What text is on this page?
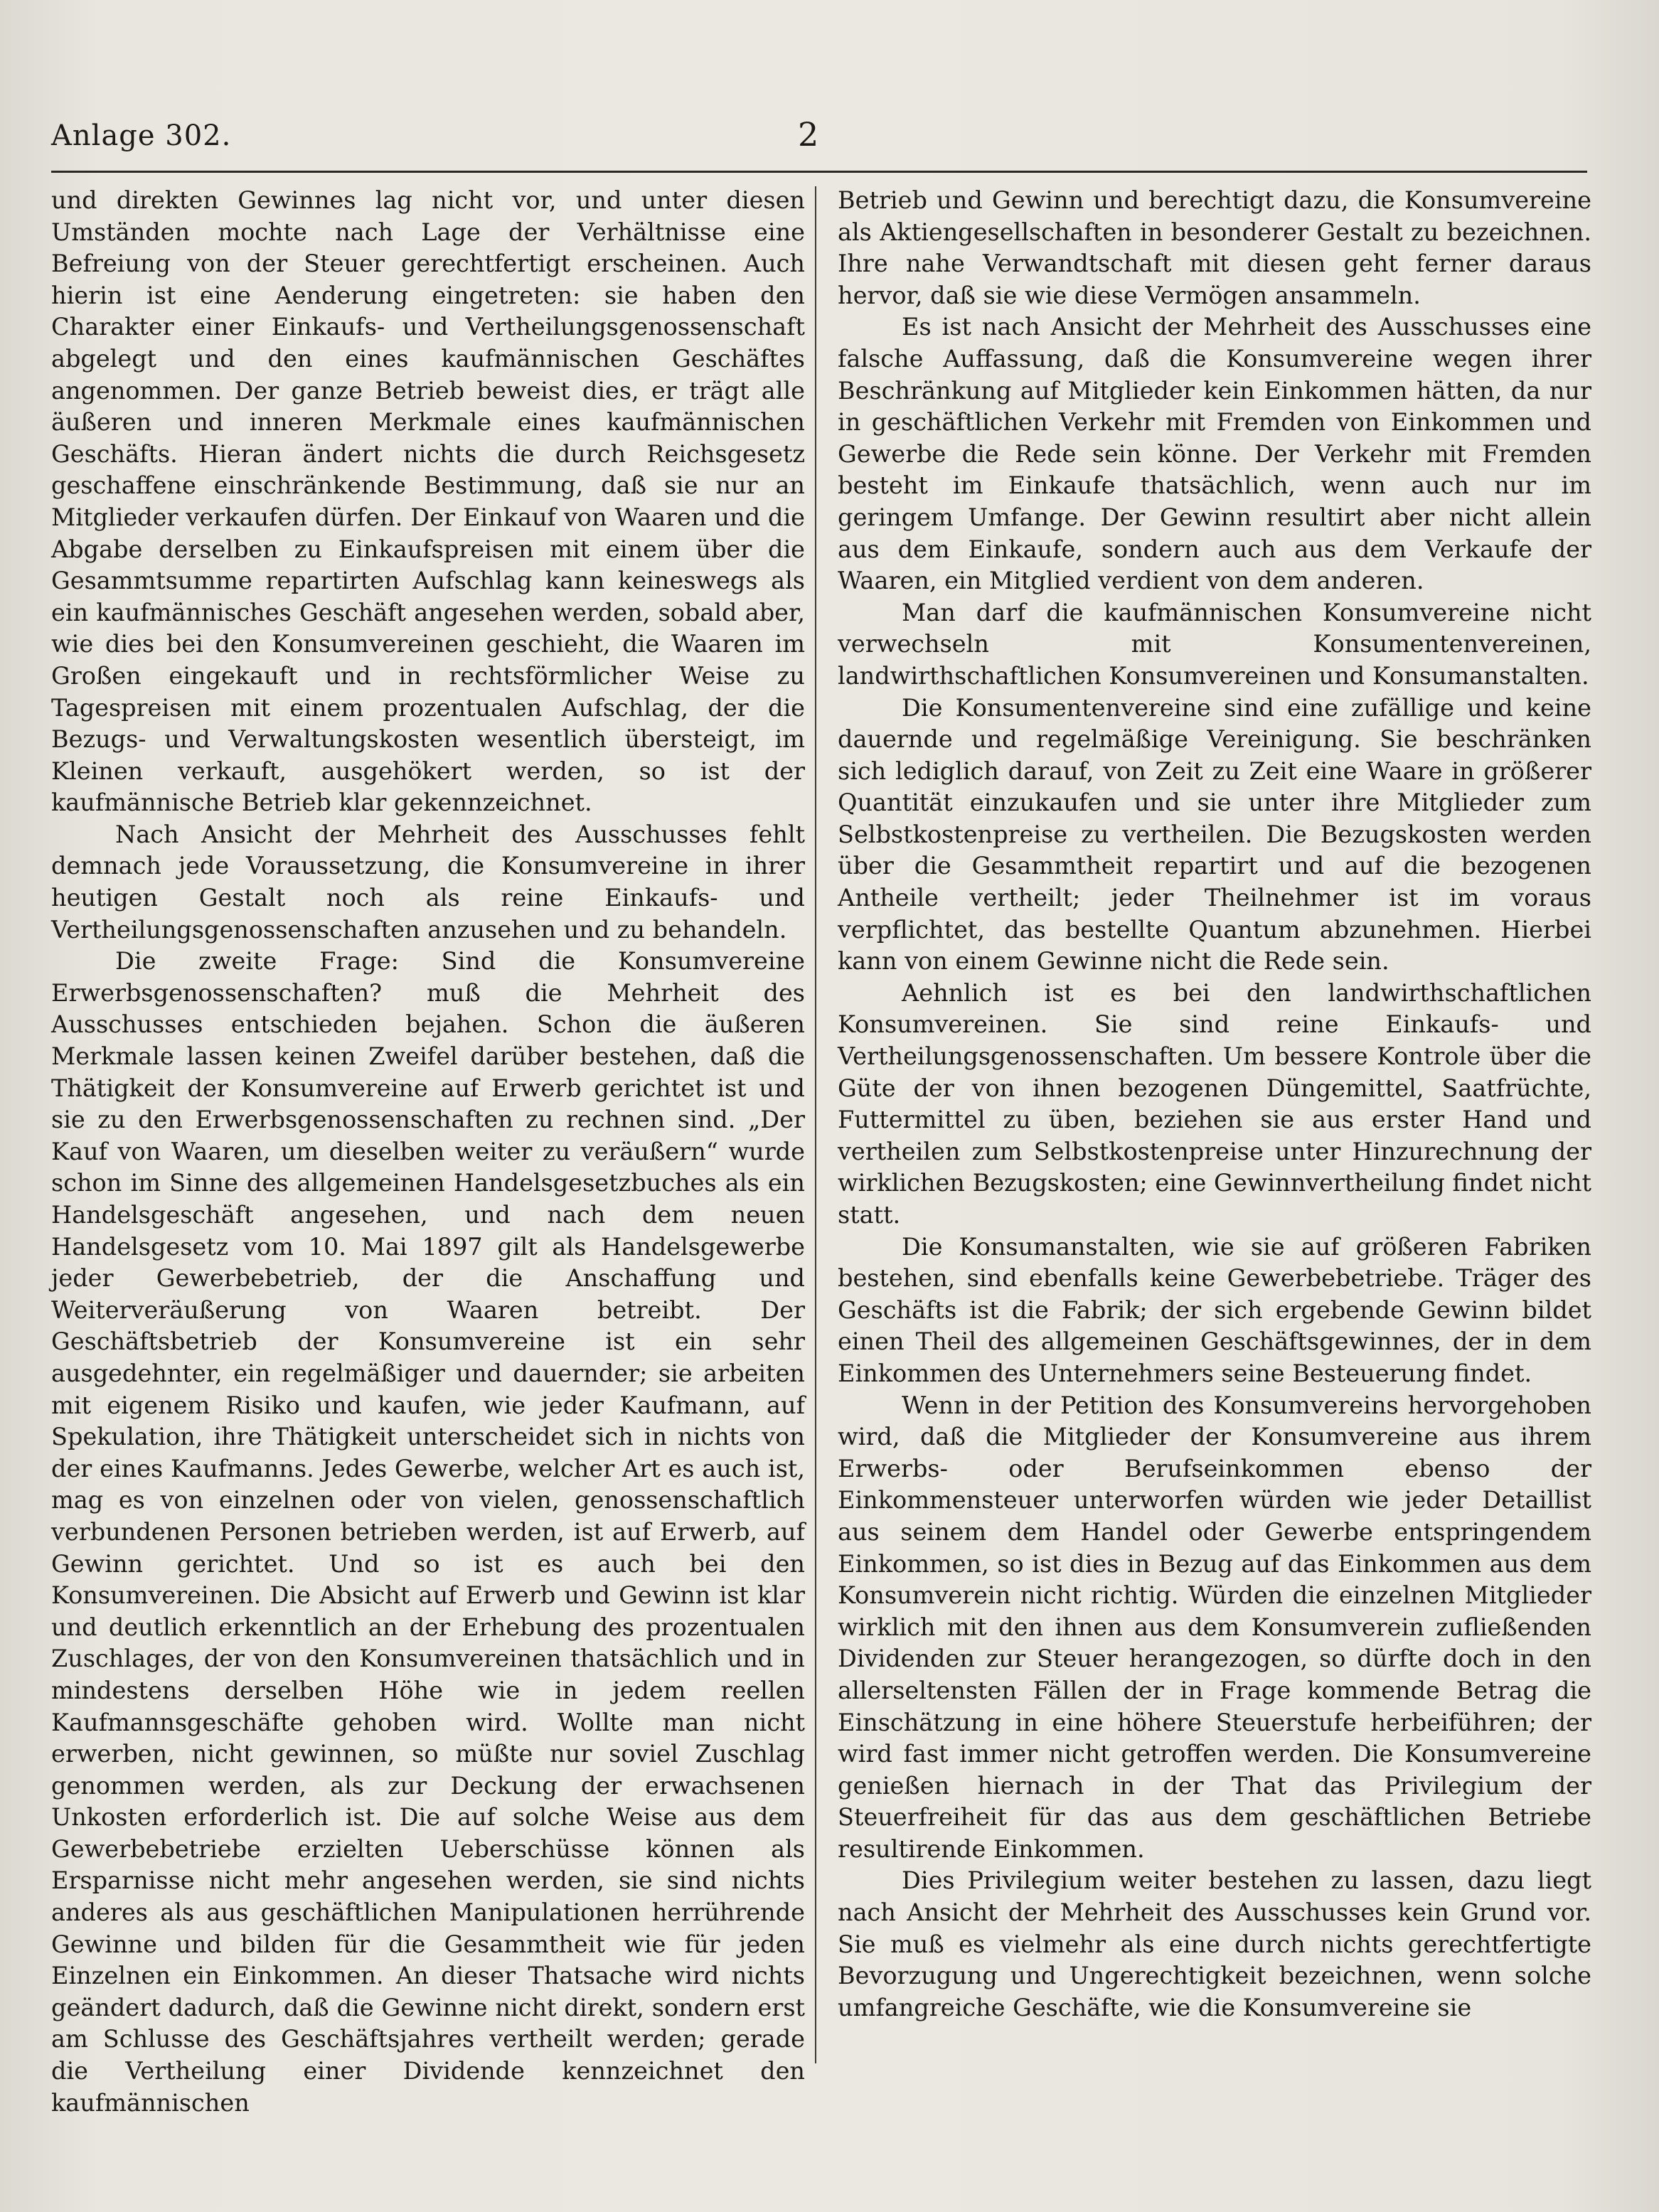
Anlage 302.	2

und direkten Gewinnes lag nicht vor, und unter diesen Umständen mochte nach Lage der Verhältnisse eine Befreiung von der Steuer gerechtfertigt erscheinen. Auch hierin ist eine Aenderung eingetreten: sie haben den Charakter einer Einkaufs- und Vertheilungsgenossenschaft abgelegt und den eines kaufmännischen Geschäftes angenommen. Der ganze Betrieb beweist dies, er trägt alle äußeren und inneren Merkmale eines kaufmännischen Geschäfts. Hieran ändert nichts die durch Reichsgesetz geschaffene einschränkende Bestimmung, daß sie nur an Mitglieder verkaufen dürfen. Der Einkauf von Waaren und die Abgabe derselben zu Einkaufspreisen mit einem über die Gesammtsumme repartirten Aufschlag kann keineswegs als ein kaufmännisches Geschäft angesehen werden, sobald aber, wie dies bei den Konsumvereinen geschieht, die Waaren im Großen eingekauft und in rechtsförmlicher Weise zu Tagespreisen mit einem prozentualen Aufschlag, der die Bezugs- und Verwaltungskosten wesentlich übersteigt, im Kleinen verkauft, ausgehökert werden, so ist der kaufmännische Betrieb klar gekennzeichnet.

Nach Ansicht der Mehrheit des Ausschusses fehlt demnach jede Voraussetzung, die Konsumvereine in ihrer heutigen Gestalt noch als reine Einkaufs- und Vertheilungsgenossenschaften anzusehen und zu behandeln.

Die zweite Frage: Sind die Konsumvereine Erwerbsgenossenschaften? muß die Mehrheit des Ausschusses entschieden bejahen. Schon die äußeren Merkmale lassen keinen Zweifel darüber bestehen, daß die Thätigkeit der Konsumvereine auf Erwerb gerichtet ist und sie zu den Erwerbsgenossenschaften zu rechnen sind. „Der Kauf von Waaren, um dieselben weiter zu veräußern“ wurde schon im Sinne des allgemeinen Handelsgesetzbuches als ein Handelsgeschäft angesehen, und nach dem neuen Handelsgesetz vom 10. Mai 1897 gilt als Handelsgewerbe jeder Gewerbebetrieb, der die Anschaffung und Weiterveräußerung von Waaren betreibt. Der Geschäftsbetrieb der Konsumvereine ist ein sehr ausgedehnter, ein regelmäßiger und dauernder; sie arbeiten mit eigenem Risiko und kaufen, wie jeder Kaufmann, auf Spekulation, ihre Thätigkeit unterscheidet sich in nichts von der eines Kaufmanns. Jedes Gewerbe, welcher Art es auch ist, mag es von einzelnen oder von vielen, genossenschaftlich verbundenen Personen betrieben werden, ist auf Erwerb, auf Gewinn gerichtet. Und so ist es auch bei den Konsumvereinen. Die Absicht auf Erwerb und Gewinn ist klar und deutlich erkenntlich an der Erhebung des prozentualen Zuschlages, der von den Konsumvereinen thatsächlich und in mindestens derselben Höhe wie in jedem reellen Kaufmannsgeschäfte gehoben wird. Wollte man nicht erwerben, nicht gewinnen, so müßte nur soviel Zuschlag genommen werden, als zur Deckung der erwachsenen Unkosten erforderlich ist. Die auf solche Weise aus dem Gewerbebetriebe erzielten Ueberschüsse können als Ersparnisse nicht mehr angesehen werden, sie sind nichts anderes als aus geschäftlichen Manipulationen herrührende Gewinne und bilden für die Gesammtheit wie für jeden Einzelnen ein Einkommen. An dieser Thatsache wird nichts geändert dadurch, daß die Gewinne nicht direkt, sondern erst am Schlusse des Geschäftsjahres vertheilt werden; gerade die Vertheilung einer Dividende kennzeichnet den kaufmännischen

Betrieb und Gewinn und berechtigt dazu, die Konsumvereine als Aktiengesellschaften in besonderer Gestalt zu bezeichnen. Ihre nahe Verwandtschaft mit diesen geht ferner daraus hervor, daß sie wie diese Vermögen ansammeln.

Es ist nach Ansicht der Mehrheit des Ausschusses eine falsche Auffassung, daß die Konsumvereine wegen ihrer Beschränkung auf Mitglieder kein Einkommen hätten, da nur in geschäftlichen Verkehr mit Fremden von Einkommen und Gewerbe die Rede sein könne. Der Verkehr mit Fremden besteht im Einkaufe thatsächlich, wenn auch nur im geringem Umfange. Der Gewinn resultirt aber nicht allein aus dem Einkaufe, sondern auch aus dem Verkaufe der Waaren, ein Mitglied verdient von dem anderen.

Man darf die kaufmännischen Konsumvereine nicht verwechseln mit Konsumentenvereinen, landwirthschaftlichen Konsumvereinen und Konsumanstalten.

Die Konsumentenvereine sind eine zufällige und keine dauernde und regelmäßige Vereinigung. Sie beschränken sich lediglich darauf, von Zeit zu Zeit eine Waare in größerer Quantität einzukaufen und sie unter ihre Mitglieder zum Selbstkostenpreise zu vertheilen. Die Bezugskosten werden über die Gesammtheit repartirt und auf die bezogenen Antheile vertheilt; jeder Theilnehmer ist im voraus verpflichtet, das bestellte Quantum abzunehmen. Hierbei kann von einem Gewinne nicht die Rede sein.

Aehnlich ist es bei den landwirthschaftlichen Konsumvereinen. Sie sind reine Einkaufs- und Vertheilungsgenossenschaften. Um bessere Kontrole über die Güte der von ihnen bezogenen Düngemittel, Saatfrüchte, Futtermittel zu üben, beziehen sie aus erster Hand und vertheilen zum Selbstkostenpreise unter Hinzurechnung der wirklichen Bezugskosten; eine Gewinnvertheilung findet nicht statt.

Die Konsumanstalten, wie sie auf größeren Fabriken bestehen, sind ebenfalls keine Gewerbebetriebe. Träger des Geschäfts ist die Fabrik; der sich ergebende Gewinn bildet einen Theil des allgemeinen Geschäftsgewinnes, der in dem Einkommen des Unternehmers seine Besteuerung findet.

Wenn in der Petition des Konsumvereins hervorgehoben wird, daß die Mitglieder der Konsumvereine aus ihrem Erwerbs- oder Berufseinkommen ebenso der Einkommensteuer unterworfen würden wie jeder Detaillist aus seinem dem Handel oder Gewerbe entspringendem Einkommen, so ist dies in Bezug auf das Einkommen aus dem Konsumverein nicht richtig. Würden die einzelnen Mitglieder wirklich mit den ihnen aus dem Konsumverein zufließenden Dividenden zur Steuer herangezogen, so dürfte doch in den allerseltensten Fällen der in Frage kommende Betrag die Einschätzung in eine höhere Steuerstufe herbeiführen; der wird fast immer nicht getroffen werden. Die Konsumvereine genießen hiernach in der That das Privilegium der Steuerfreiheit für das aus dem geschäftlichen Betriebe resultirende Einkommen.

Dies Privilegium weiter bestehen zu lassen, dazu liegt nach Ansicht der Mehrheit des Ausschusses kein Grund vor. Sie muß es vielmehr als eine durch nichts gerechtfertigte Bevorzugung und Ungerechtigkeit bezeichnen, wenn solche umfangreiche Geschäfte, wie die Konsumvereine sie
